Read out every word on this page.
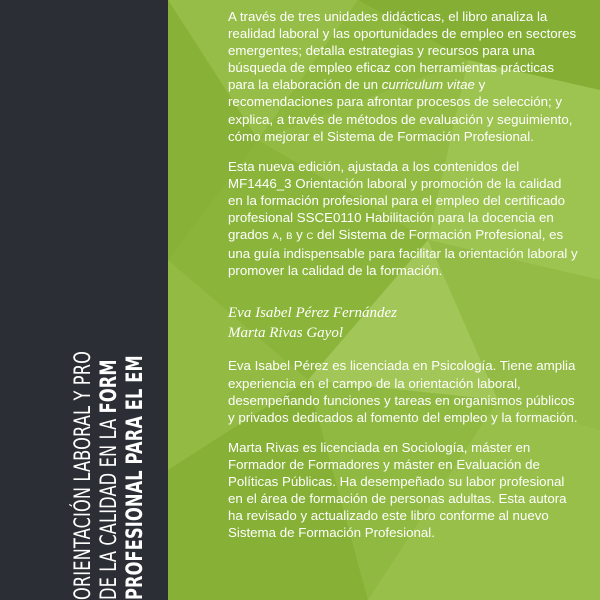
ORIENTACIÓN LABORAL Y PRO DE LA CALIDAD EN LA FORM PROFESIONAL PARA EL EM

A través de tres unidades didácticas, el libro analiza la realidad laboral y las oportunidades de empleo en sectores emergentes; detalla estrategias y recursos para una búsqueda de empleo eficaz con herramientas prácticas para la elaboración de un curriculum vitae y recomendaciones para afrontar procesos de selección; y explica, a través de métodos de evaluación y seguimiento, cómo mejorar el Sistema de Formación Profesional.

Esta nueva edición, ajustada a los contenidos del MF1446_3 Orientación laboral y promoción de la calidad en la formación profesional para el empleo del certificado profesional SSCE0110 Habilitación para la docencia en grados A, B y C del Sistema de Formación Profesional, es una guía indispensable para facilitar la orientación laboral y promover la calidad de la formación.

Eva Isabel Pérez Fernández
Marta Rivas Gayol

Eva Isabel Pérez es licenciada en Psicología. Tiene amplia experiencia en el campo de la orientación laboral, desempeñando funciones y tareas en organismos públicos y privados dedicados al fomento del empleo y la formación.

Marta Rivas es licenciada en Sociología, máster en Formador de Formadores y máster en Evaluación de Políticas Públicas. Ha desempeñado su labor profesional en el área de formación de personas adultas. Esta autora ha revisado y actualizado este libro conforme al nuevo Sistema de Formación Profesional.
